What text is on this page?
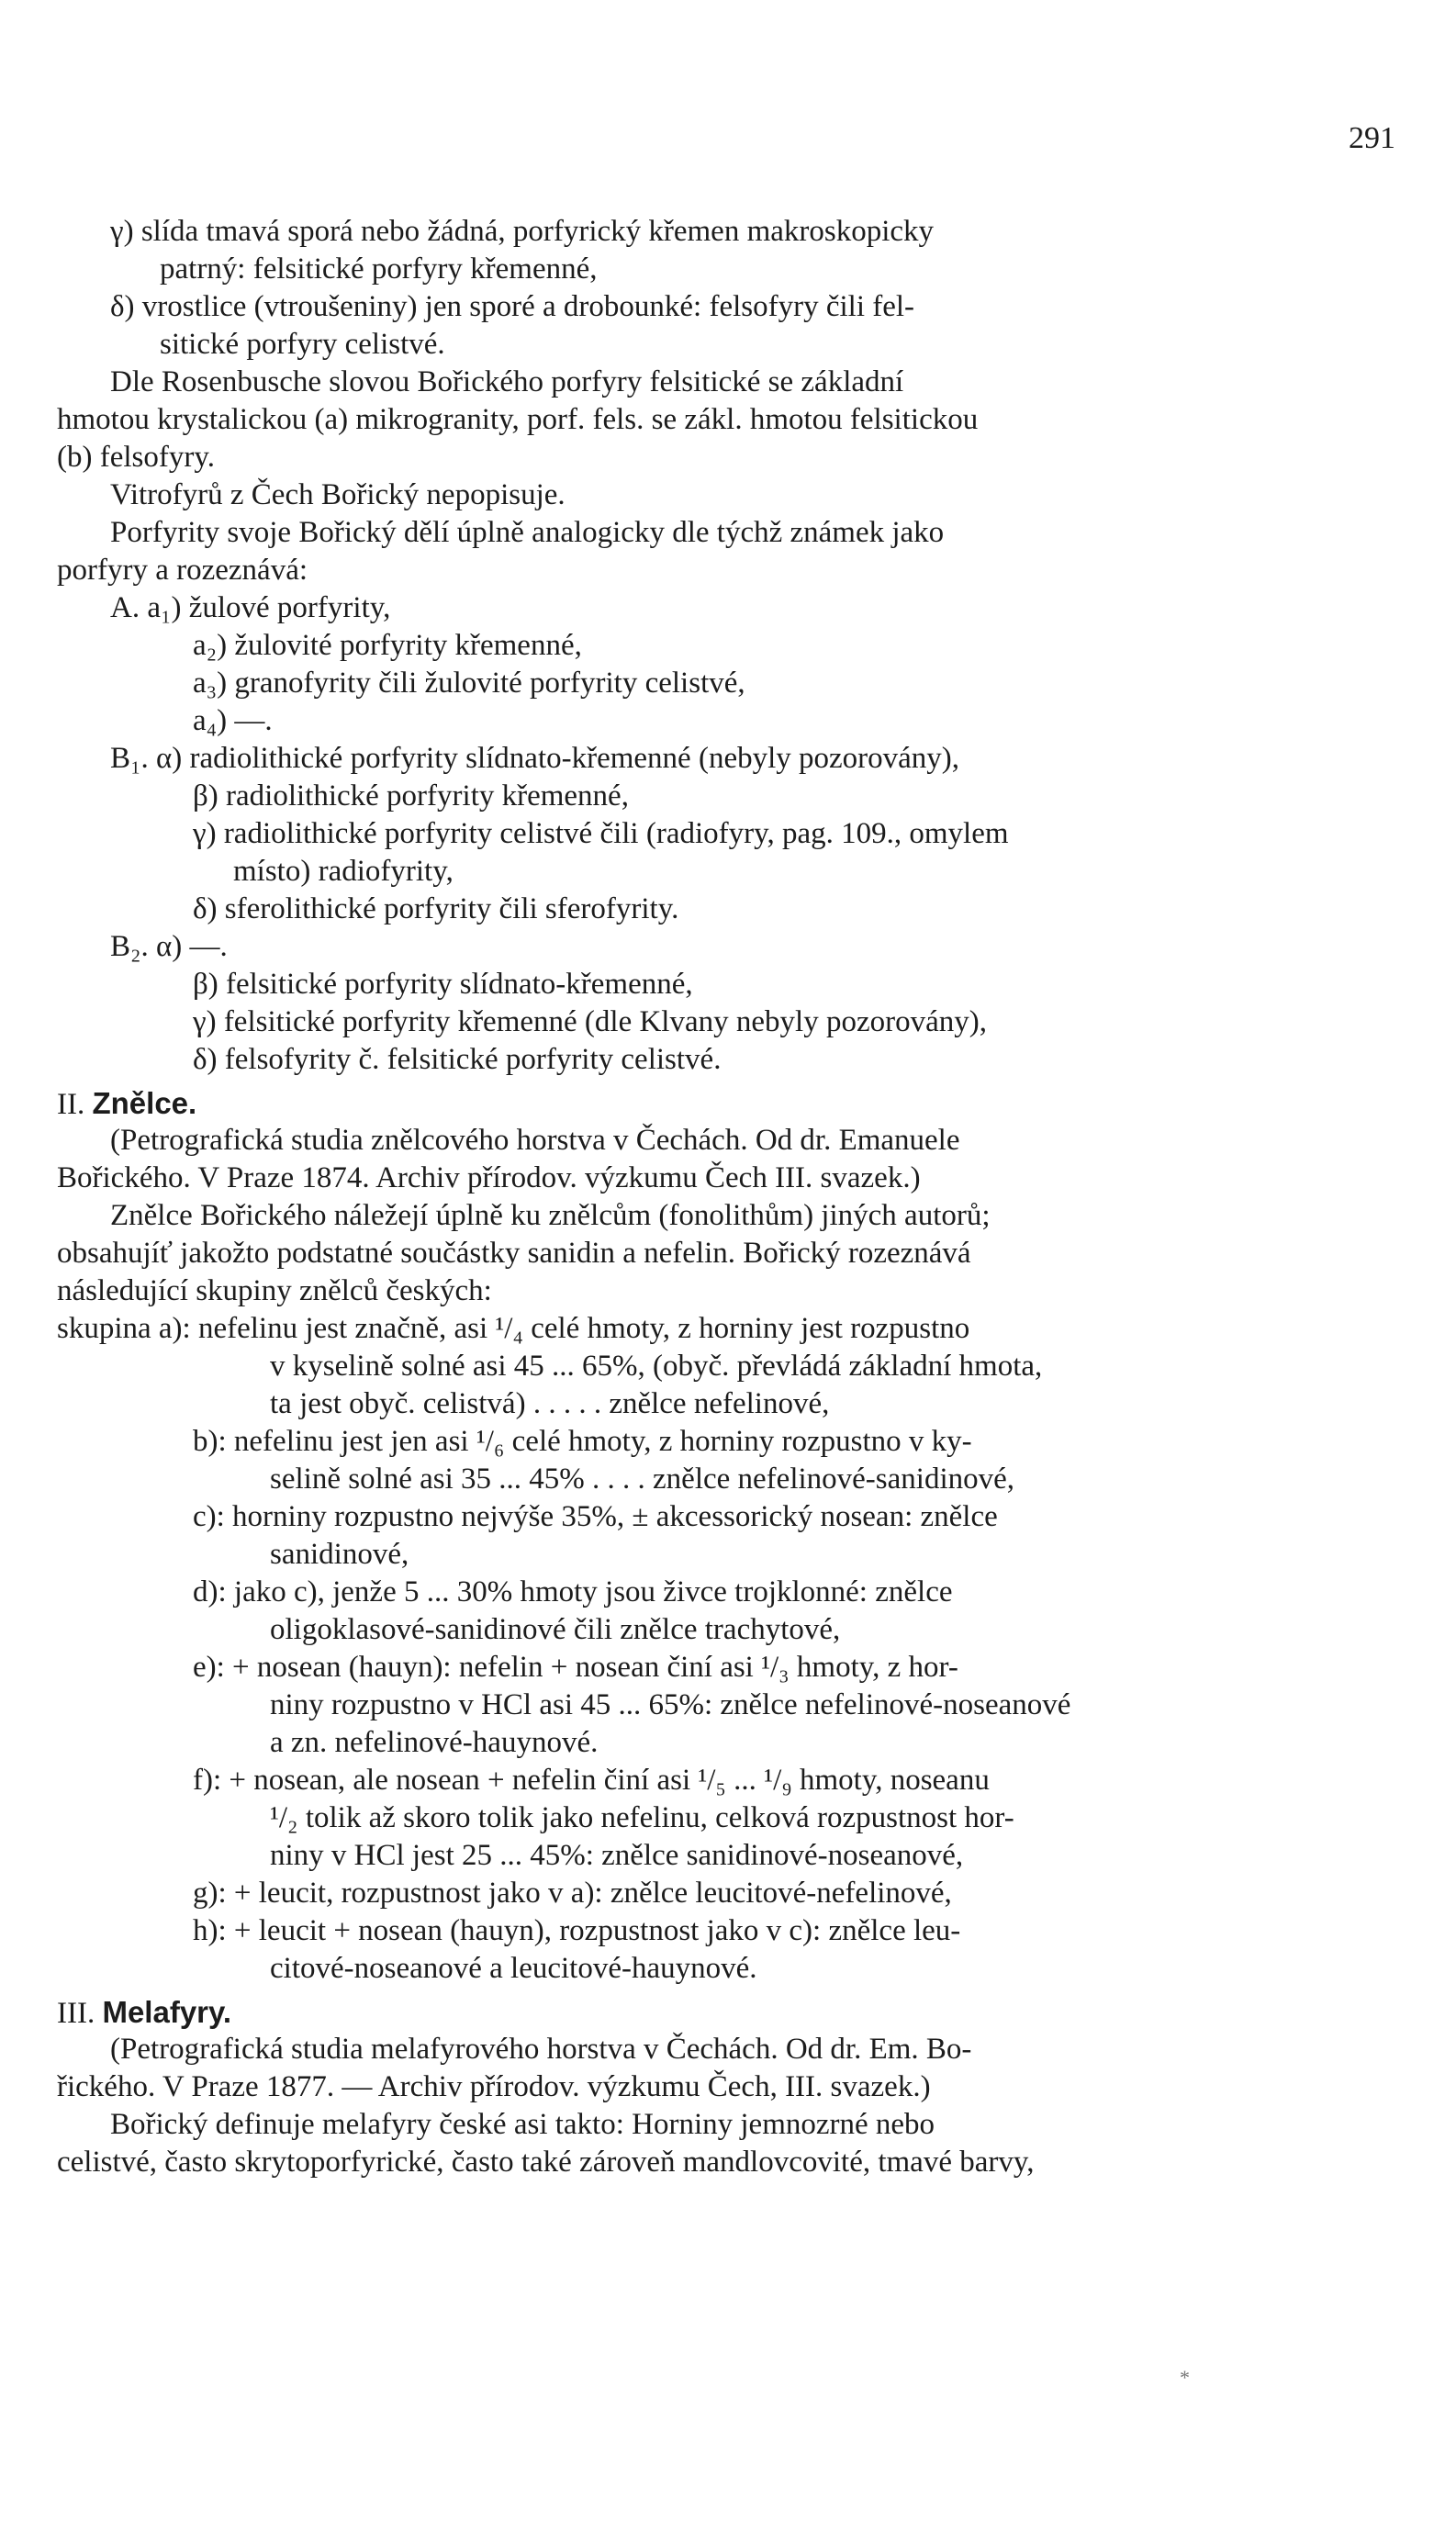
291
γ) slída tmavá sporá nebo žádná, porfyrický křemen makroskopicky
patrný: felsitické porfyry křemenné,
δ) vrostlice (vtroušeniny) jen sporé a drobounké: felsofyry čili fel-
sitické porfyry celistvé.
Dle Rosenbusche slovou Bořického porfyry felsitické se základní
hmotou krystalickou (a) mikrogranity, porf. fels. se zákl. hmotou felsitickou
(b) felsofyry.
Vitrofyrů z Čech Bořický nepopisuje.
Porfyrity svoje Bořický dělí úplně analogicky dle týchž známek jako
porfyry a rozeznává:
A. a₁) žulové porfyrity,
a₂) žulovité porfyrity křemenné,
a₃) granofyrity čili žulovité porfyrity celistvé,
a₄) —.
B₁. α) radiolithické porfyrity slídnato-křemenné (nebyly pozorovány),
β) radiolithické porfyrity křemenné,
γ) radiolithické porfyrity celistvé čili (radiofyry, pag. 109., omylem
místo) radiofyrity,
δ) sferolithické porfyrity čili sferofyrity.
B₂. α) —.
β) felsitické porfyrity slídnato-křemenné,
γ) felsitické porfyrity křemenné (dle Klvany nebyly pozorovány),
δ) felsofyrity č. felsitické porfyrity celistvé.
II. Znělce.
(Petrografická studia znělcového horstva v Čechách. Od dr. Emanuele
Bořického. V Praze 1874. Archiv přírodov. výzkumu Čech III. svazek.)
Znělce Bořického náležejí úplně ku znělcům (fonolithům) jiných autorů;
obsahujíť jakožto podstatné součástky sanidin a nefelin. Bořický rozeznává
následující skupiny znělců českých:
skupina a): nefelinu jest značně, asi ¹/₄ celé hmoty, z horniny jest rozpustno
v kyselině solné asi 45 ... 65%, (obyč. převládá základní hmota,
ta jest obyč. celistvá) . . . . . znělce nefelinové,
b): nefelinu jest jen asi ¹/₆ celé hmoty, z horniny rozpustno v ky-
selině solné asi 35 ... 45% . . . . znělce nefelinové-sanidinové,
c): horniny rozpustno nejvýše 35%, ± akcessorický nosean: znělce
sanidinové,
d): jako c), jenže 5 ... 30% hmoty jsou živce trojklonné: znělce
oligoklasové-sanidinové čili znělce trachytové,
e): + nosean (hauyn): nefelin + nosean činí asi ¹/₃ hmoty, z hor-
niny rozpustno v HCl asi 45 ... 65%: znělce nefelinové-noseanové
a zn. nefelinové-hauynové.
f): + nosean, ale nosean + nefelin činí asi ¹/₅ ... ¹/₉ hmoty, noseanu
¹/₂ tolik až skoro tolik jako nefelinu, celková rozpustnost hor-
niny v HCl jest 25 ... 45%: znělce sanidinové-noseanové,
g): + leucit, rozpustnost jako v a): znělce leucitové-nefelinové,
h): + leucit + nosean (hauyn), rozpustnost jako v c): znělce leu-
citové-noseanové a leucitové-hauynové.
III. Melafyry.
(Petrografická studia melafyrového horstva v Čechách. Od dr. Em. Bo-
řického. V Praze 1877. — Archiv přírodov. výzkumu Čech, III. svazek.)
Bořický definuje melafyry české asi takto: Horniny jemnozrné nebo
celistvé, často skrytoporfyrické, často také zároveň mandlovcovité, tmavé barvy,
*
